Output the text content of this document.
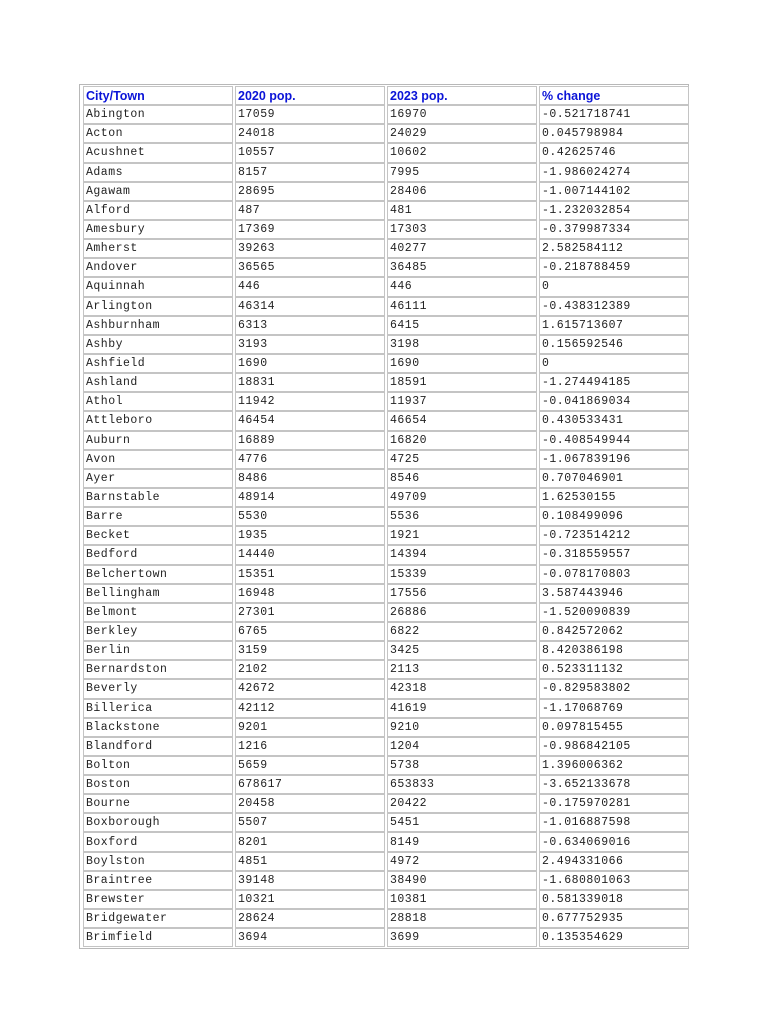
City/Town	2020 pop.	2023 pop.	% change
Abington	17059	16970	-0.521718741
Acton	24018	24029	0.045798984
Acushnet	10557	10602	0.42625746
Adams	8157	7995	-1.986024274
Agawam	28695	28406	-1.007144102
Alford	487	481	-1.232032854
Amesbury	17369	17303	-0.379987334
Amherst	39263	40277	2.582584112
Andover	36565	36485	-0.218788459
Aquinnah	446	446	0
Arlington	46314	46111	-0.438312389
Ashburnham	6313	6415	1.615713607
Ashby	3193	3198	0.156592546
Ashfield	1690	1690	0
Ashland	18831	18591	-1.274494185
Athol	11942	11937	-0.041869034
Attleboro	46454	46654	0.430533431
Auburn	16889	16820	-0.408549944
Avon	4776	4725	-1.067839196
Ayer	8486	8546	0.707046901
Barnstable	48914	49709	1.62530155
Barre	5530	5536	0.108499096
Becket	1935	1921	-0.723514212
Bedford	14440	14394	-0.318559557
Belchertown	15351	15339	-0.078170803
Bellingham	16948	17556	3.587443946
Belmont	27301	26886	-1.520090839
Berkley	6765	6822	0.842572062
Berlin	3159	3425	8.420386198
Bernardston	2102	2113	0.523311132
Beverly	42672	42318	-0.829583802
Billerica	42112	41619	-1.17068769
Blackstone	9201	9210	0.097815455
Blandford	1216	1204	-0.986842105
Bolton	5659	5738	1.396006362
Boston	678617	653833	-3.652133678
Bourne	20458	20422	-0.175970281
Boxborough	5507	5451	-1.016887598
Boxford	8201	8149	-0.634069016
Boylston	4851	4972	2.494331066
Braintree	39148	38490	-1.680801063
Brewster	10321	10381	0.581339018
Bridgewater	28624	28818	0.677752935
Brimfield	3694	3699	0.135354629
